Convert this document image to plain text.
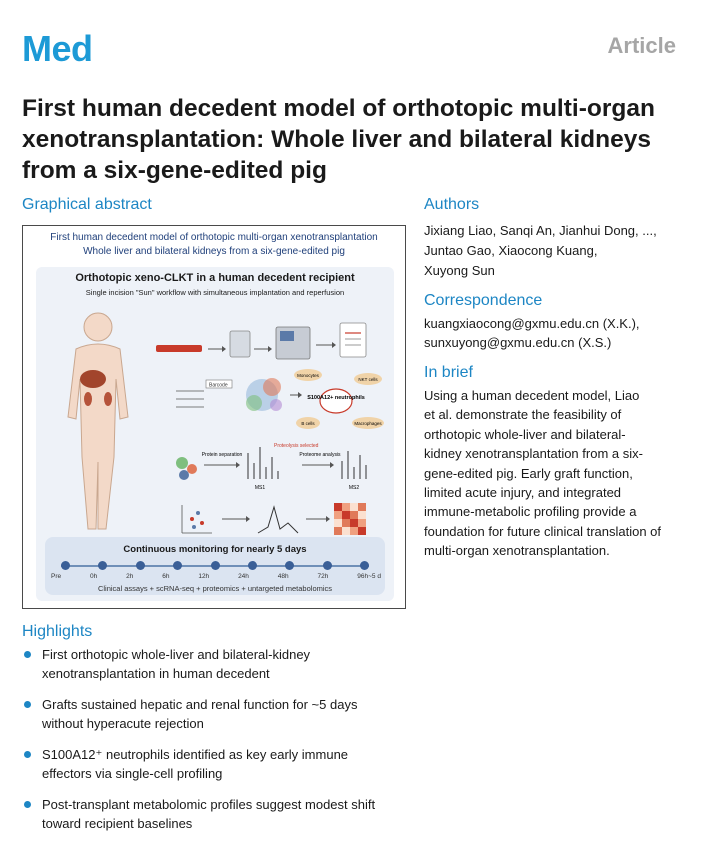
Med	Article
First human decedent model of orthotopic multi-organ xenotransplantation: Whole liver and bilateral kidneys from a six-gene-edited pig
Graphical abstract
First human decedent model of orthotopic multi-organ xenotransplantation
Whole liver and bilateral kidneys from a six-gene-edited pig
Orthotopic xeno-CLKT in a human decedent recipient
Single incision "Sun" workflow with simultaneous implantation and reperfusion
Barcode
S100A12+ neutrophils
Monocytes
NKT cells
B cells	Macrophages
Protein separation
Proteolysis selected
MS1
Proteome analysis
MS2
Continuous monitoring for nearly 5 days
Pre	0h	2h	6h	12h	24h	48h	72h	96h~5 d
Clinical assays + scRNA-seq + proteomics + untargeted metabolomics
Authors
Jixiang Liao, Sanqi An, Jianhui Dong, ...,
Juntao Gao, Xiaocong Kuang,
Xuyong Sun
Correspondence
kuangxiaocong@gxmu.edu.cn (X.K.),
sunxuyong@gxmu.edu.cn (X.S.)
In brief
Using a human decedent model, Liao
et al. demonstrate the feasibility of
orthotopic whole-liver and bilateral-
kidney xenotransplantation from a six-
gene-edited pig. Early graft function,
limited acute injury, and integrated
immune-metabolic profiling provide a
foundation for future clinical translation of
multi-organ xenotransplantation.
Highlights
First orthotopic whole-liver and bilateral-kidney
xenotransplantation in human decedent
Grafts sustained hepatic and renal function for ~5 days
without hyperacute rejection
S100A12⁺ neutrophils identified as key early immune
effectors via single-cell profiling
Post-transplant metabolomic profiles suggest modest shift
toward recipient baselines
